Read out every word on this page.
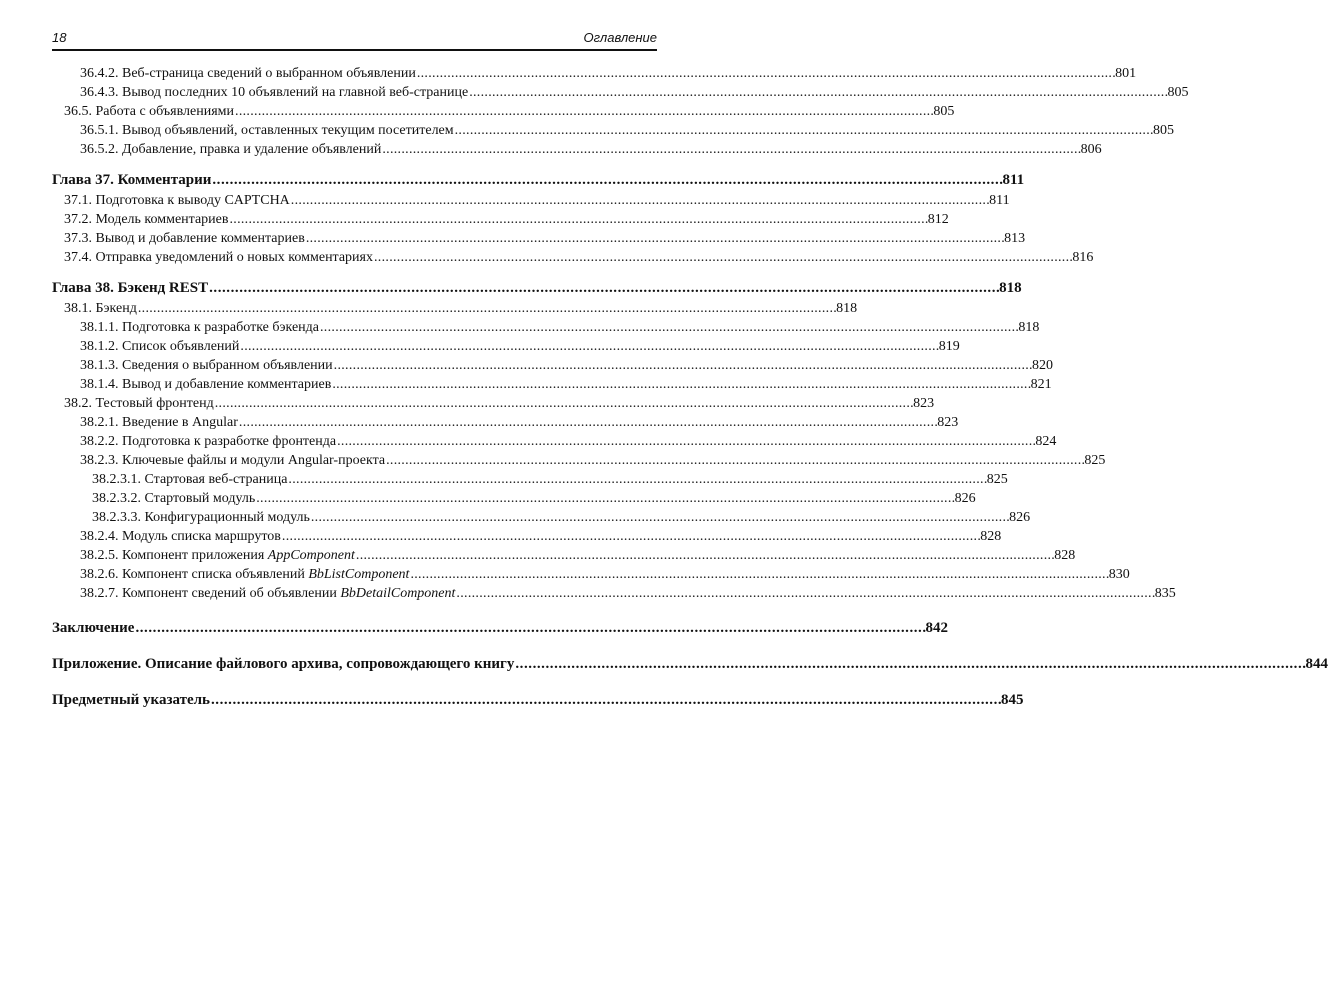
18	Оглавление
36.4.2. Веб-страница сведений о выбранном объявлении . . .	801
36.4.3. Вывод последних 10 объявлений на главной веб-странице . . .	805
36.5. Работа с объявлениями . . .	805
36.5.1. Вывод объявлений, оставленных текущим посетителем . . .	805
36.5.2. Добавление, правка и удаление объявлений . . .	806
Глава 37. Комментарии . . .	811
37.1. Подготовка к выводу CAPTCHA . . .	811
37.2. Модель комментариев . . .	812
37.3. Вывод и добавление комментариев . . .	813
37.4. Отправка уведомлений о новых комментариях . . .	816
Глава 38. Бэкенд REST . . .	818
38.1. Бэкенд . . .	818
38.1.1. Подготовка к разработке бэкенда . . .	818
38.1.2. Список объявлений . . .	819
38.1.3. Сведения о выбранном объявлении . . .	820
38.1.4. Вывод и добавление комментариев . . .	821
38.2. Тестовый фронтенд . . .	823
38.2.1. Введение в Angular . . .	823
38.2.2. Подготовка к разработке фронтенда . . .	824
38.2.3. Ключевые файлы и модули Angular-проекта . . .	825
38.2.3.1. Стартовая веб-страница . . .	825
38.2.3.2. Стартовый модуль . . .	826
38.2.3.3. Конфигурационный модуль . . .	826
38.2.4. Модуль списка маршрутов . . .	828
38.2.5. Компонент приложения AppComponent . . .	828
38.2.6. Компонент списка объявлений BbListComponent . . .	830
38.2.7. Компонент сведений об объявлении BbDetailComponent . . .	835
Заключение . . .	842
Приложение. Описание файлового архива, сопровождающего книгу . . .	844
Предметный указатель . . .	845
